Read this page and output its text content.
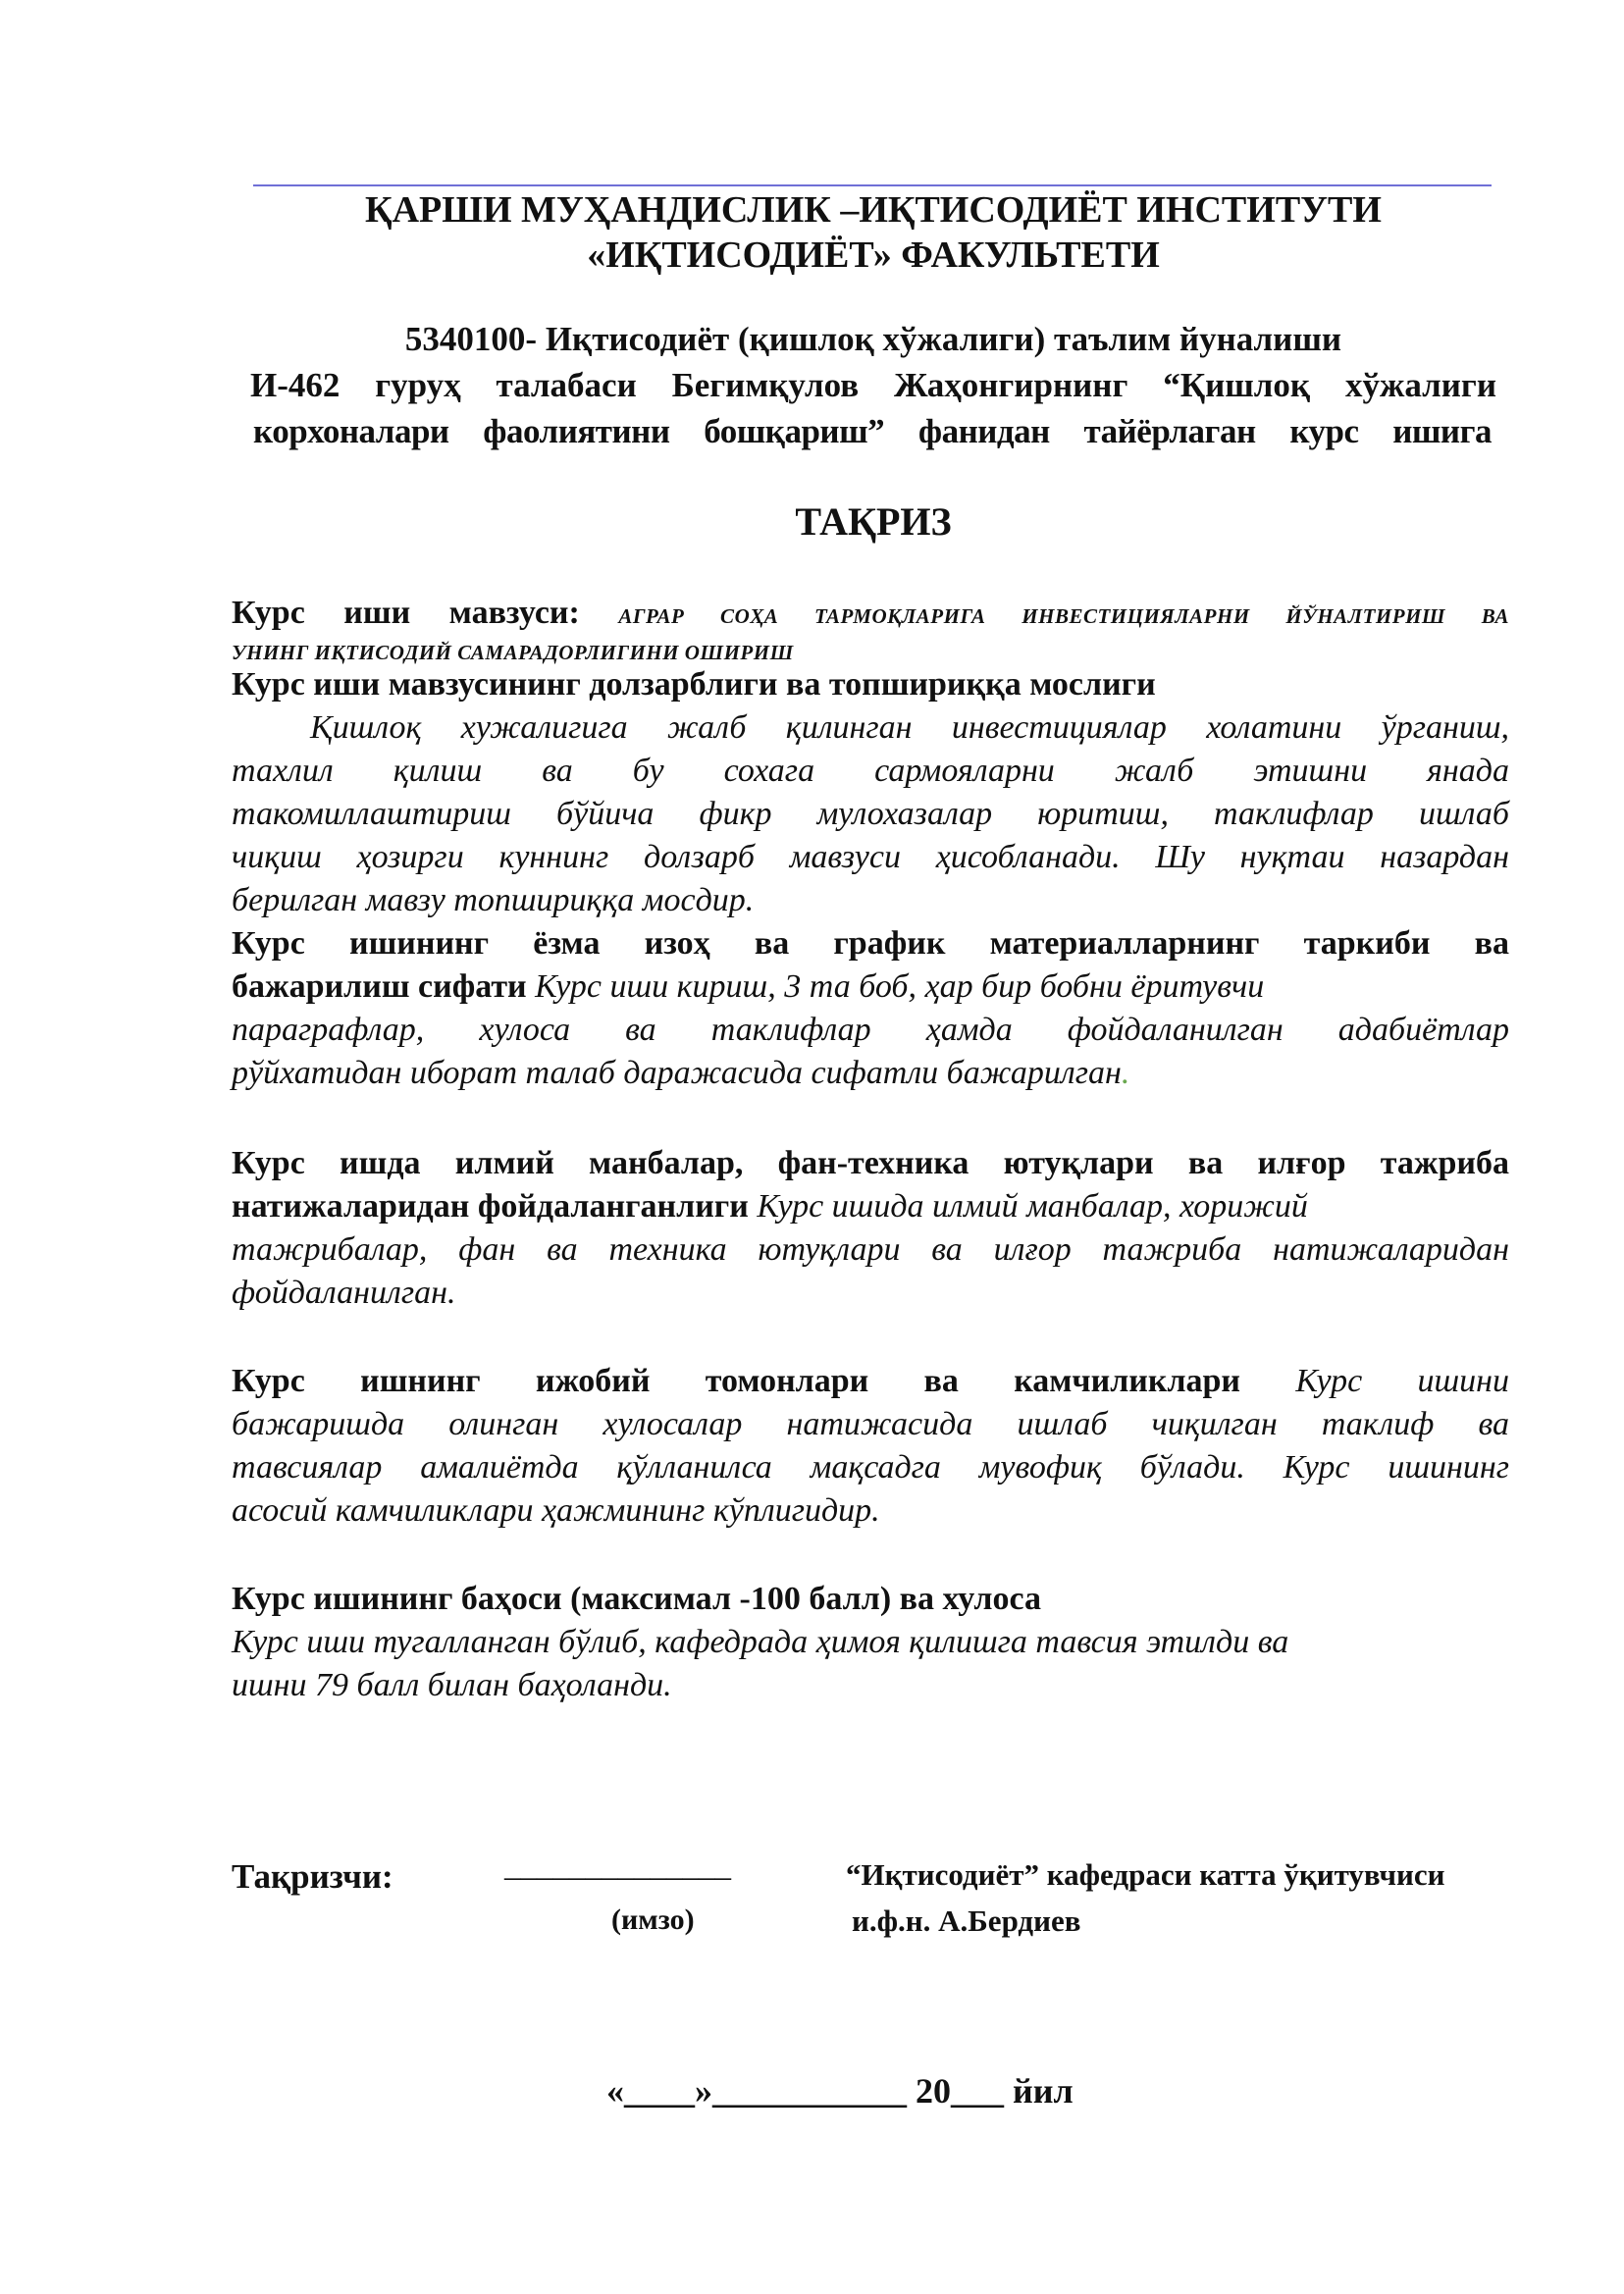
ҚАРШИ МУҲАНДИСЛИК –ИҚТИСОДИЁТ ИНСТИТУТИ
«ИҚТИСОДИЁТ» ФАКУЛЬТЕТИ
5340100- Иқтисодиёт (қишлоқ хўжалиги) таълим йуналиши
И-462 гуруҳ талабаси Бегимқулов Жаҳонгирнинг “Қишлоқ хўжалиги
корхоналари фаолиятини бошқариш” фанидан тайёрлаган курс ишига
ТАҚРИЗ
Курс иши мавзуси: АГРАР СОҲА ТАРМОҚЛАРИГА ИНВЕСТИЦИЯЛАРНИ ЙЎНАЛТИРИШ ВА
УНИНГ ИҚТИСОДИЙ САМАРАДОРЛИГИНИ ОШИРИШ
Курс иши мавзусининг долзарблиги ва топшириққа мослиги
Қишлоқ хужалигига жалб қилинган инвестициялар холатини ўрганиш,
тахлил қилиш ва бу сохага сармояларни жалб этишни янада
такомиллаштириш бўйича фикр мулохазалар юритиш, таклифлар ишлаб
чиқиш ҳозирги куннинг долзарб мавзуси ҳисобланади. Шу нуқтаи назардан
берилган мавзу топшириққа мосдир.
Курс ишининг ёзма изоҳ ва график материалларнинг таркиби ва
бажарилиш сифати Курс иши кириш, 3 та боб, ҳар бир бобни ёритувчи
параграфлар, хулоса ва таклифлар ҳамда фойдаланилган адабиётлар
рўйхатидан иборат талаб даражасида сифатли бажарилган.
Курс ишда илмий манбалар, фан-техника ютуқлари ва илғор тажриба
натижаларидан фойдаланганлиги Курс ишида илмий манбалар, хорижий
тажрибалар, фан ва техника ютуқлари ва илғор тажриба натижаларидан
фойдаланилган.
Курс ишнинг ижобий томонлари ва камчиликлари Курс ишини
бажаришда олинган хулосалар натижасида ишлаб чиқилган таклиф ва
тавсиялар амалиётда қўлланилса мақсадга мувофиқ бўлади. Курс ишининг
асосий камчиликлари ҳажмининг кўплигидир.
Курс ишининг баҳоси (максимал -100 балл) ва хулоса
Курс иши тугалланган бўлиб, кафедрада ҳимоя қилишга тавсия этилди ва
ишни 79 балл билан баҳоланди.
Тақризчи:	______________
(имзо)
“Иқтисодиёт” кафедраси катта ўқитувчиси
и.ф.н. А.Бердиев
«____»___________ 20___ йил
